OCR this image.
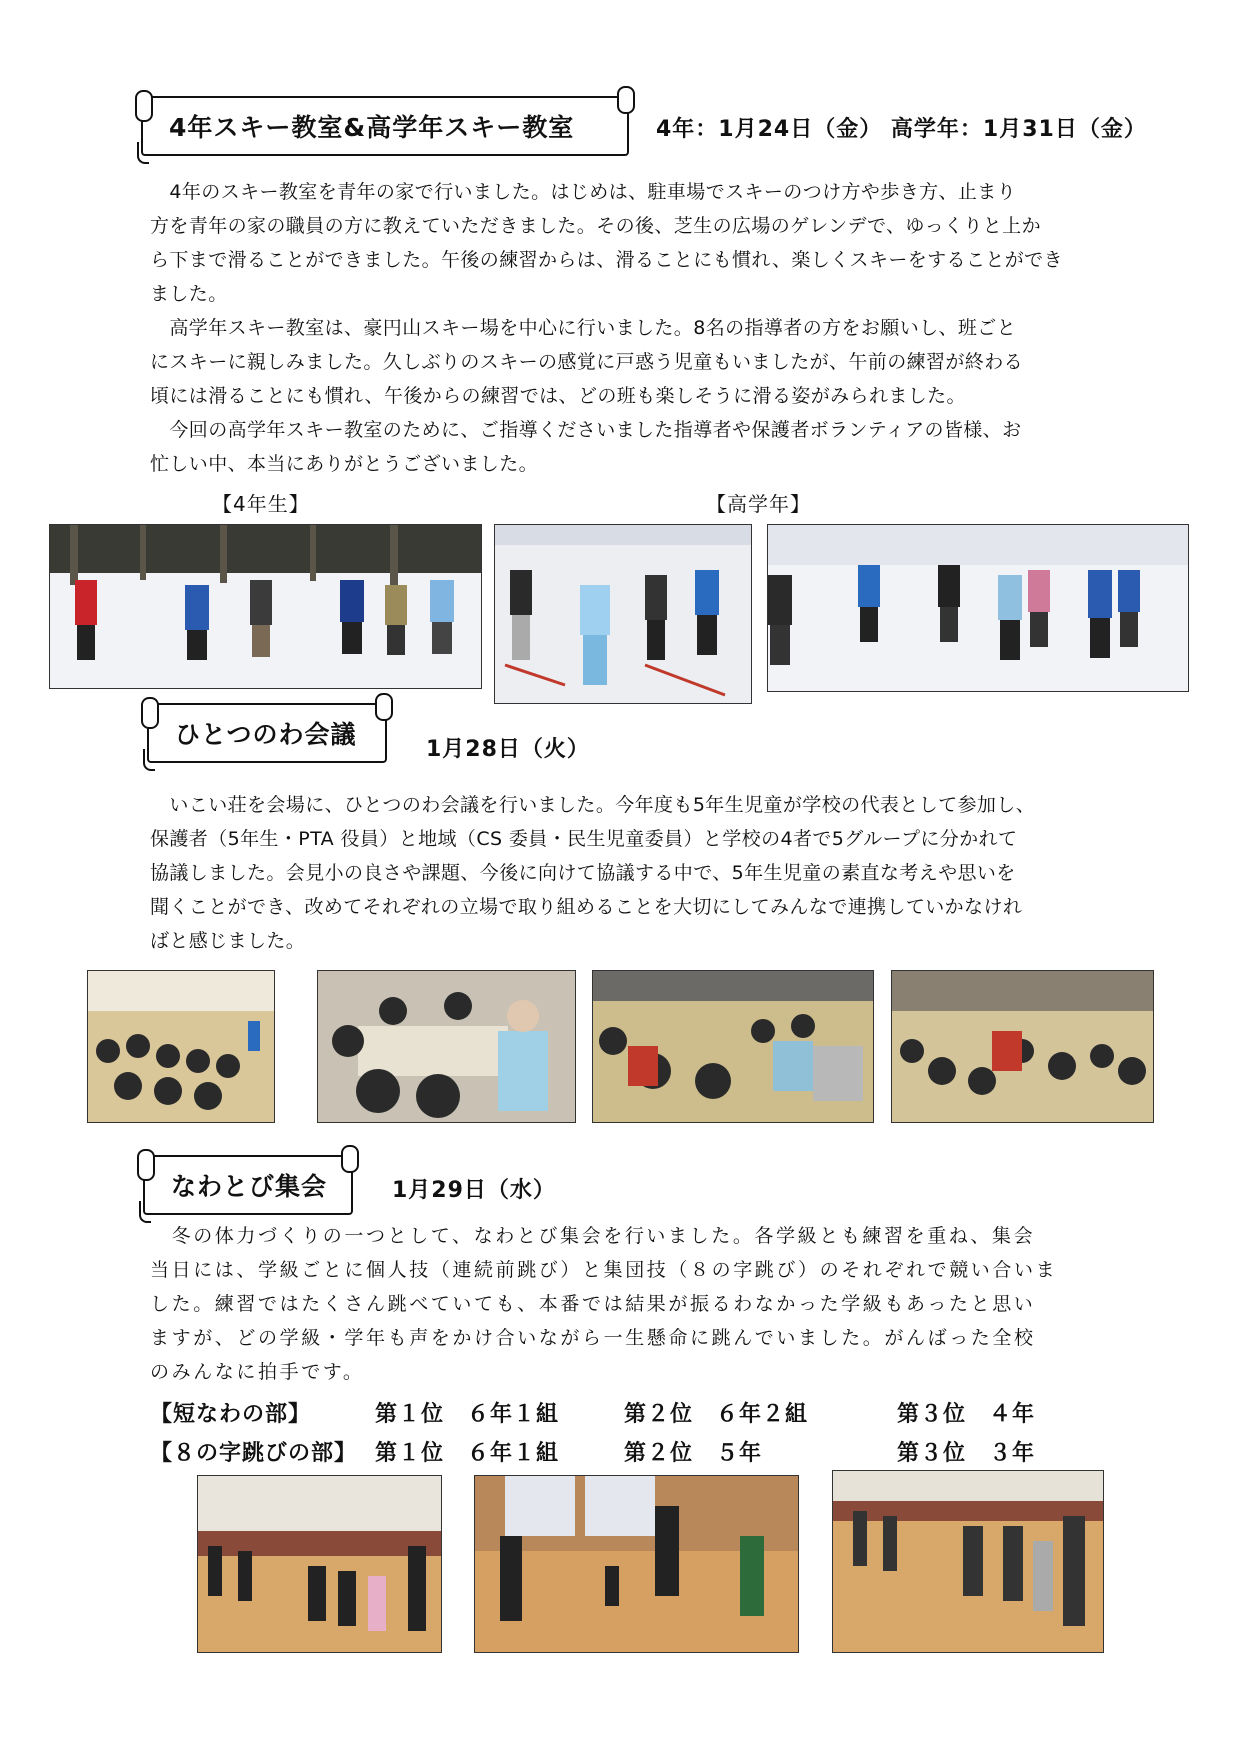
4年スキー教室&高学年スキー教室	4年：1月24日（金） 高学年：1月31日（金）
　4年のスキー教室を青年の家で行いました。はじめは、駐車場でスキーのつけ方や歩き方、止まり
方を青年の家の職員の方に教えていただきました。その後、芝生の広場のゲレンデで、ゆっくりと上か
ら下まで滑ることができました。午後の練習からは、滑ることにも慣れ、楽しくスキーをすることができ
ました。
　高学年スキー教室は、豪円山スキー場を中心に行いました。8名の指導者の方をお願いし、班ごと
にスキーに親しみました。久しぶりのスキーの感覚に戸惑う児童もいましたが、午前の練習が終わる
頃には滑ることにも慣れ、午後からの練習では、どの班も楽しそうに滑る姿がみられました。
　今回の高学年スキー教室のために、ご指導くださいました指導者や保護者ボランティアの皆様、お
忙しい中、本当にありがとうございました。
【4年生】	【高学年】
ひとつのわ会議
1月28日（火）
　いこい荘を会場に、ひとつのわ会議を行いました。今年度も5年生児童が学校の代表として参加し、
保護者（5年生・PTA 役員）と地域（CS 委員・民生児童委員）と学校の4者で5グループに分かれて
協議しました。会見小の良さや課題、今後に向けて協議する中で、5年生児童の素直な考えや思いを
聞くことができ、改めてそれぞれの立場で取り組めることを大切にしてみんなで連携していかなけれ
ばと感じました。
なわとび集会	1月29日（水）
　冬の体力づくりの一つとして、なわとび集会を行いました。各学級とも練習を重ね、集会
当日には、学級ごとに個人技（連続前跳び）と集団技（８の字跳び）のそれぞれで競い合いま
した。練習ではたくさん跳べていても、本番では結果が振るわなかった学級もあったと思い
ますが、どの学級・学年も声をかけ合いながら一生懸命に跳んでいました。がんばった全校
のみんなに拍手です。
【短なわの部】	第１位　６年１組	第２位　６年２組	第３位　４年
【８の字跳びの部】 第１位　６年１組	第２位　５年	第３位　３年
